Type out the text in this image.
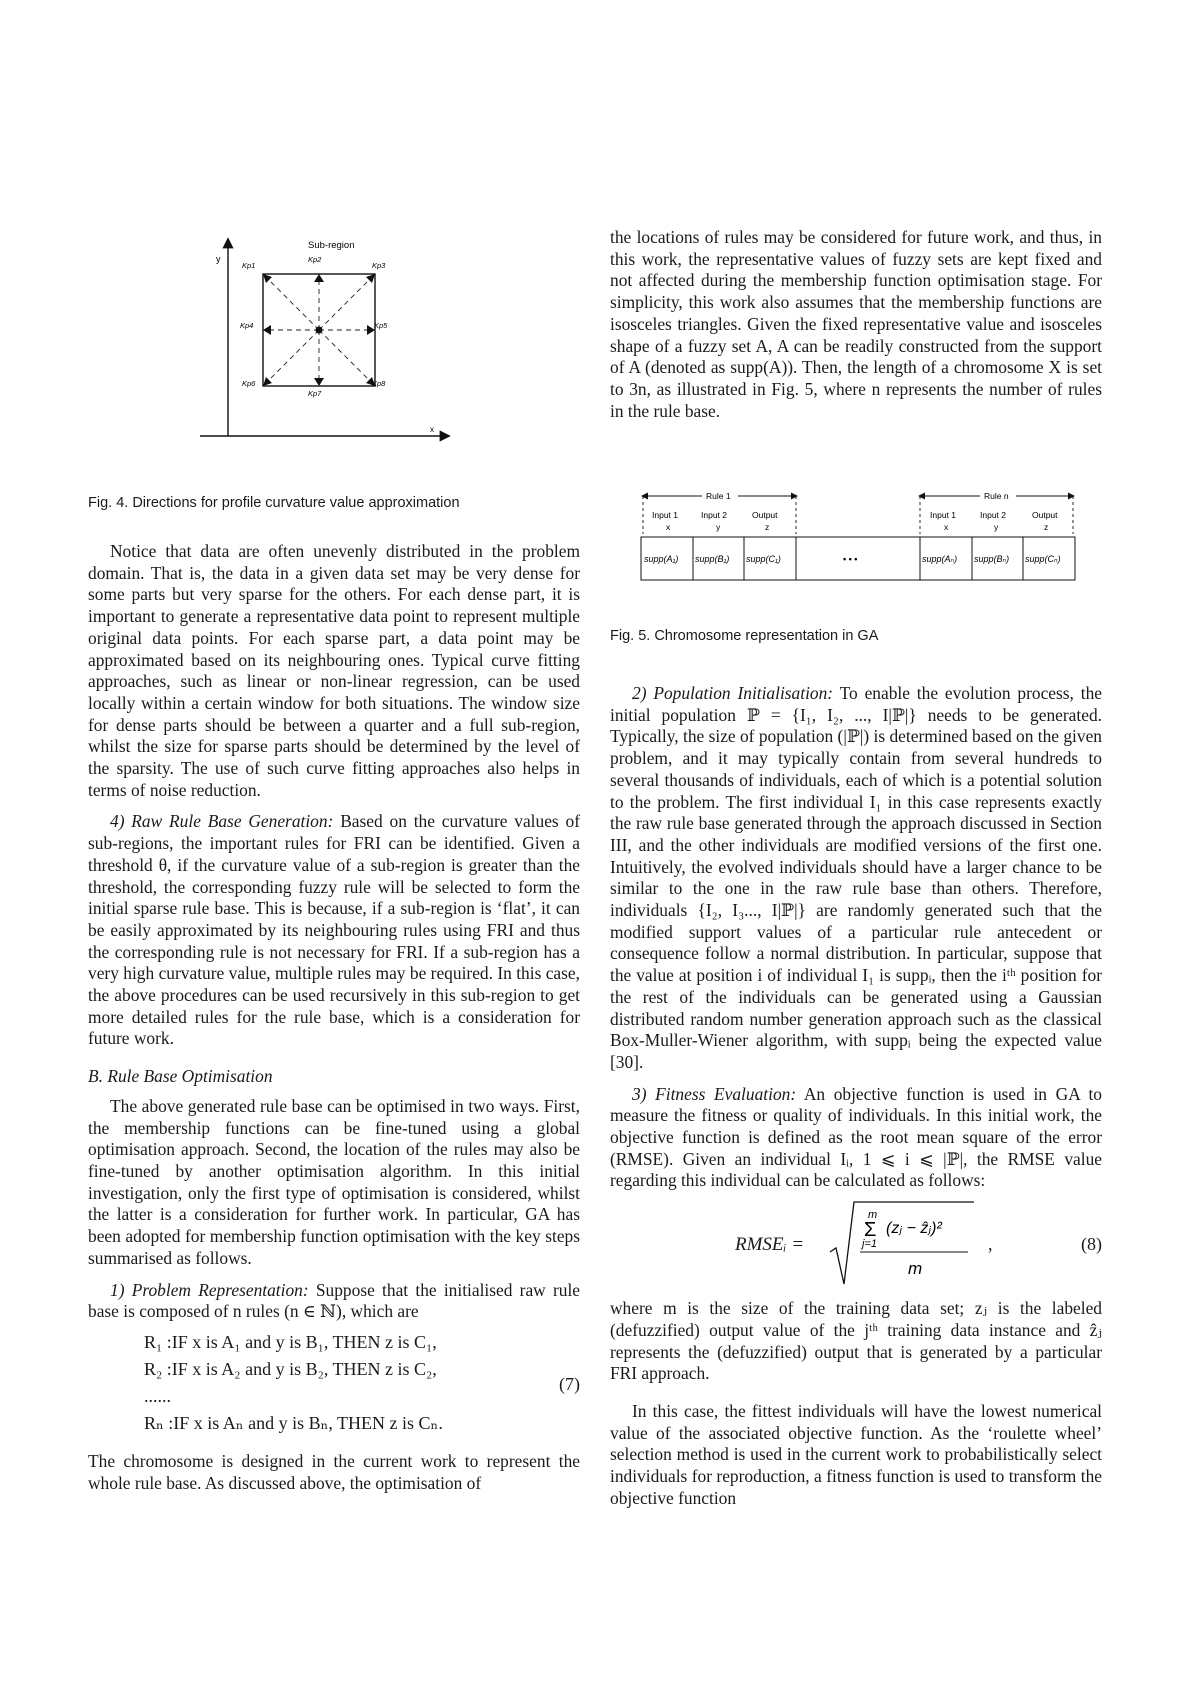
y
x
Sub-region
Kp1
Kp2
Kp3
Kp4	Kp5
Kp6
Kp7
Kp8
Fig. 4. Directions for profile curvature value approximation

Notice that data are often unevenly distributed in the problem domain. That is, the data in a given data set may be very dense for some parts but very sparse for the others. For each dense part, it is important to generate a representative data point to represent multiple original data points. For each sparse part, a data point may be approximated based on its neighbouring ones. Typical curve fitting approaches, such as linear or non-linear regression, can be used locally within a certain window for both situations. The window size for dense parts should be between a quarter and a full sub-region, whilst the size for sparse parts should be determined by the level of the sparsity. The use of such curve fitting approaches also helps in terms of noise reduction.

4) Raw Rule Base Generation: Based on the curvature values of sub-regions, the important rules for FRI can be identified. Given a threshold θ, if the curvature value of a sub-region is greater than the threshold, the corresponding fuzzy rule will be selected to form the initial sparse rule base. This is because, if a sub-region is ‘flat’, it can be easily approximated by its neighbouring rules using FRI and thus the corresponding rule is not necessary for FRI. If a sub-region has a very high curvature value, multiple rules may be required. In this case, the above procedures can be used recursively in this sub-region to get more detailed rules for the rule base, which is a consideration for future work.

B. Rule Base Optimisation

The above generated rule base can be optimised in two ways. First, the membership functions can be fine-tuned using a global optimisation approach. Second, the location of the rules may also be fine-tuned by another optimisation algorithm. In this initial investigation, only the first type of optimisation is considered, whilst the latter is a consideration for further work. In particular, GA has been adopted for membership function optimisation with the key steps summarised as follows.

1) Problem Representation: Suppose that the initialised raw rule base is composed of n rules (n ∈ ℕ), which are

R₁ :IF x is A₁ and y is B₁, THEN z is C₁,
R₂ :IF x is A₂ and y is B₂, THEN z is C₂,
......
Rₙ :IF x is Aₙ and y is Bₙ, THEN z is Cₙ.
(7)

The chromosome is designed in the current work to represent the whole rule base. As discussed above, the optimisation of

the locations of rules may be considered for future work, and thus, in this work, the representative values of fuzzy sets are kept fixed and not affected during the membership function optimisation stage. For simplicity, this work also assumes that the membership functions are isosceles triangles. Given the fixed representative value and isosceles shape of a fuzzy set A, A can be readily constructed from the support of A (denoted as supp(A)). Then, the length of a chromosome X is set to 3n, as illustrated in Fig. 5, where n represents the number of rules in the rule base.

Rule 1	Rule n
Input 1	Input 2	Output
x	y	z
Input 1	Input 2	Output
x	y	z
supp(A₁) supp(B₁) supp(C₁)	• • •	supp(Aₙ) supp(Bₙ) supp(Cₙ)
Fig. 5. Chromosome representation in GA

2) Population Initialisation: To enable the evolution process, the initial population ℙ = {I₁, I₂, ..., I|ℙ|} needs to be generated. Typically, the size of population (|ℙ|) is determined based on the given problem, and it may typically contain from several hundreds to several thousands of individuals, each of which is a potential solution to the problem. The first individual I₁ in this case represents exactly the raw rule base generated through the approach discussed in Section III, and the other individuals are modified versions of the first one. Intuitively, the evolved individuals should have a larger chance to be similar to the one in the raw rule base than others. Therefore, individuals {I₂, I₃..., I|ℙ|} are randomly generated such that the modified support values of a particular rule antecedent or consequence follow a normal distribution. In particular, suppose that the value at position i of individual I₁ is suppᵢ, then the iᵗʰ position for the rest of the individuals can be generated using a Gaussian distributed random number generation approach such as the classical Box-Muller-Wiener algorithm, with suppᵢ being the expected value [30].

3) Fitness Evaluation: An objective function is used in GA to measure the fitness or quality of individuals. In this initial work, the objective function is defined as the root mean square of the error (RMSE). Given an individual Iᵢ, 1 ⩽ i ⩽ |ℙ|, the RMSE value regarding this individual can be calculated as follows:

RMSEᵢ =
m
Σ
j=1
(zⱼ − ẑⱼ)²
m
,	(8)

where m is the size of the training data set; zⱼ is the labeled (defuzzified) output value of the jᵗʰ training data instance and ẑⱼ represents the (defuzzified) output that is generated by a particular FRI approach.

In this case, the fittest individuals will have the lowest numerical value of the associated objective function. As the ‘roulette wheel’ selection method is used in the current work to probabilistically select individuals for reproduction, a fitness function is used to transform the objective function
